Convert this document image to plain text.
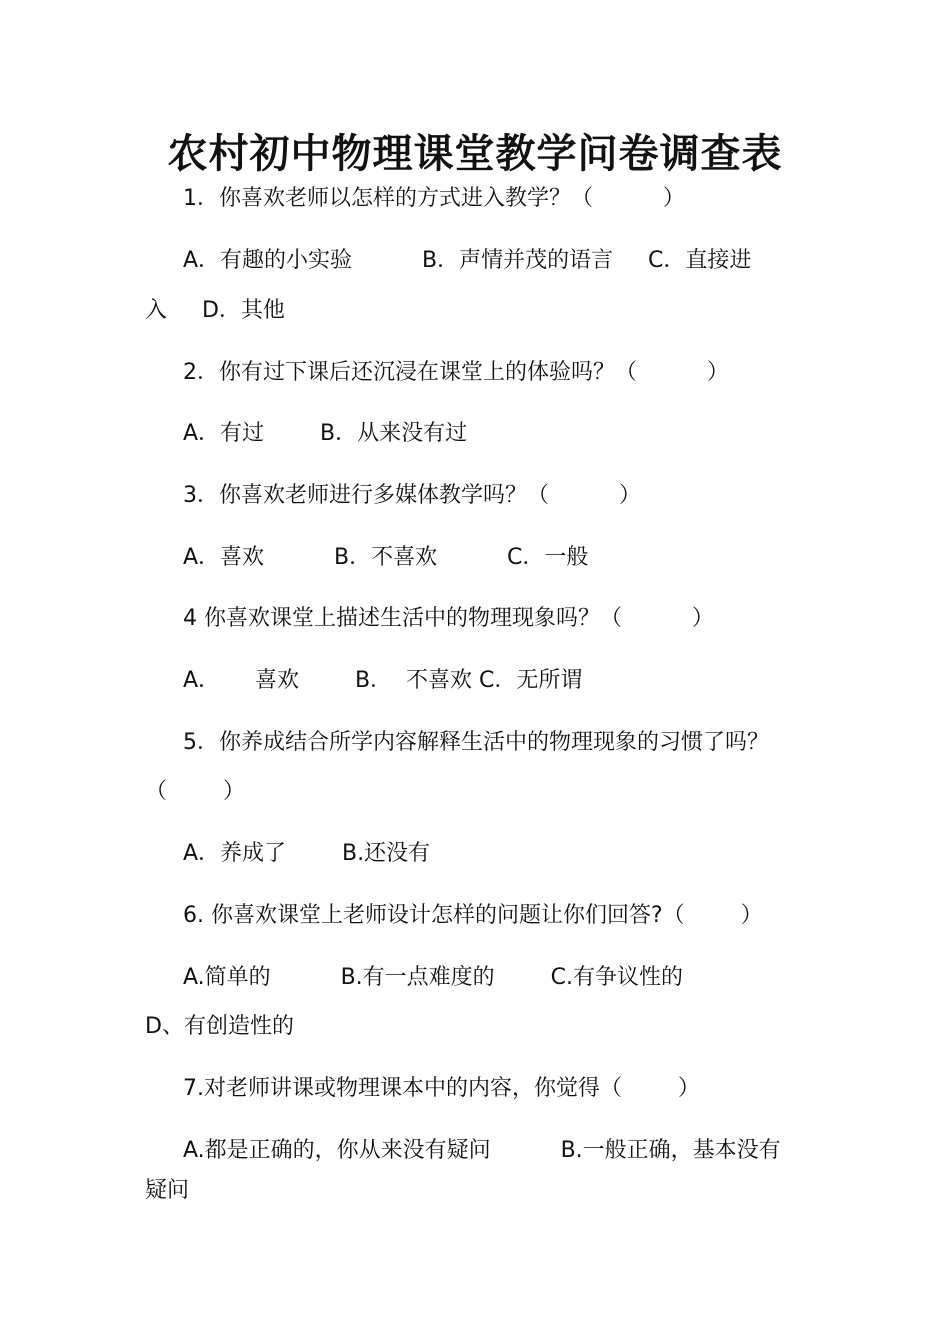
农村初中物理课堂教学问卷调查表
1．你喜欢老师以怎样的方式进入教学？（          ）
A．有趣的小实验          B．声情并茂的语言     C．直接进
入     D．其他
2．你有过下课后还沉浸在课堂上的体验吗？（          ）
A．有过        B．从来没有过
3．你喜欢老师进行多媒体教学吗？（          ）
A．喜欢          B．不喜欢          C．一般
4 你喜欢课堂上描述生活中的物理现象吗？（          ）
A．     喜欢        B．  不喜欢 C．无所谓
5．你养成结合所学内容解释生活中的物理现象的习惯了吗？
（        ）
A．养成了        B.还没有
6. 你喜欢课堂上老师设计怎样的问题让你们回答?（        ）
A.简单的          B.有一点难度的        C.有争议性的
D、有创造性的
7.对老师讲课或物理课本中的内容，你觉得（        ）
A.都是正确的，你从来没有疑问          B.一般正确，基本没有
疑问
